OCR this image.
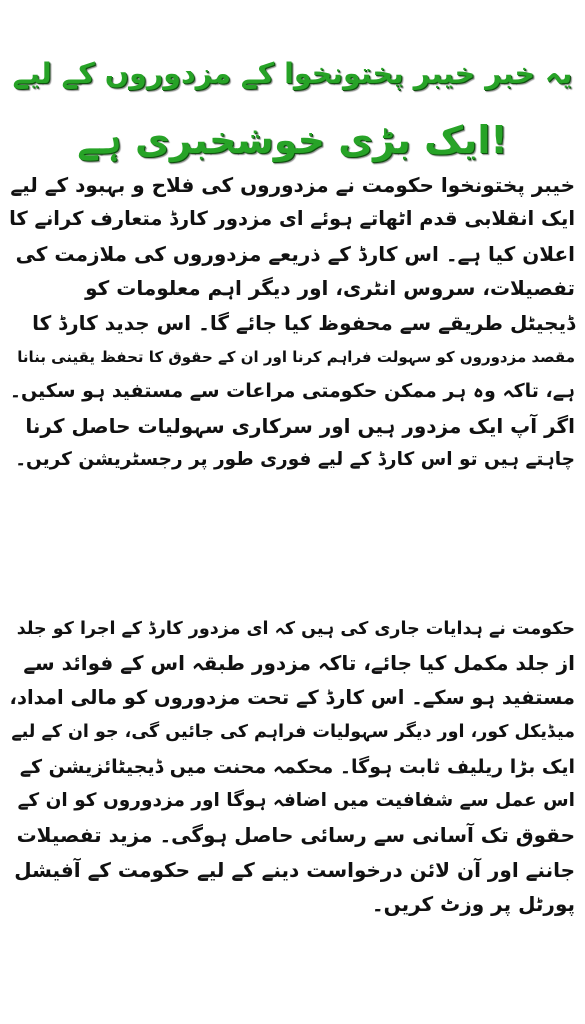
یہ خبر خیبر پختونخوا کے مزدوروں کے لیے
!ایک بڑی خوشخبری ہے
خیبر پختونخوا حکومت نے مزدوروں کی فلاح و بہبود کے لیے
ایک انقلابی قدم اٹھاتے ہوئے ای مزدور کارڈ متعارف کرانے کا
اعلان کیا ہے۔ اس کارڈ کے ذریعے مزدوروں کی ملازمت کی
تفصیلات، سروس انٹری، اور دیگر اہم معلومات کو
ڈیجیٹل طریقے سے محفوظ کیا جائے گا۔ اس جدید کارڈ کا
مقصد مزدوروں کو سہولت فراہم کرنا اور ان کے حقوق کا تحفظ یقینی بنانا
ہے، تاکہ وہ ہر ممکن حکومتی مراعات سے مستفید ہو سکیں۔
اگر آپ ایک مزدور ہیں اور سرکاری سہولیات حاصل کرنا
چاہتے ہیں تو اس کارڈ کے لیے فوری طور پر رجسٹریشن کریں۔
حکومت نے ہدایات جاری کی ہیں کہ ای مزدور کارڈ کے اجرا کو جلد
از جلد مکمل کیا جائے، تاکہ مزدور طبقہ اس کے فوائد سے
مستفید ہو سکے۔ اس کارڈ کے تحت مزدوروں کو مالی امداد،
میڈیکل کور، اور دیگر سہولیات فراہم کی جائیں گی، جو ان کے لیے
ایک بڑا ریلیف ثابت ہوگا۔ محکمہ محنت میں ڈیجیٹائزیشن کے
اس عمل سے شفافیت میں اضافہ ہوگا اور مزدوروں کو ان کے
حقوق تک آسانی سے رسائی حاصل ہوگی۔ مزید تفصیلات
جاننے اور آن لائن درخواست دینے کے لیے حکومت کے آفیشل
پورٹل پر وزٹ کریں۔
